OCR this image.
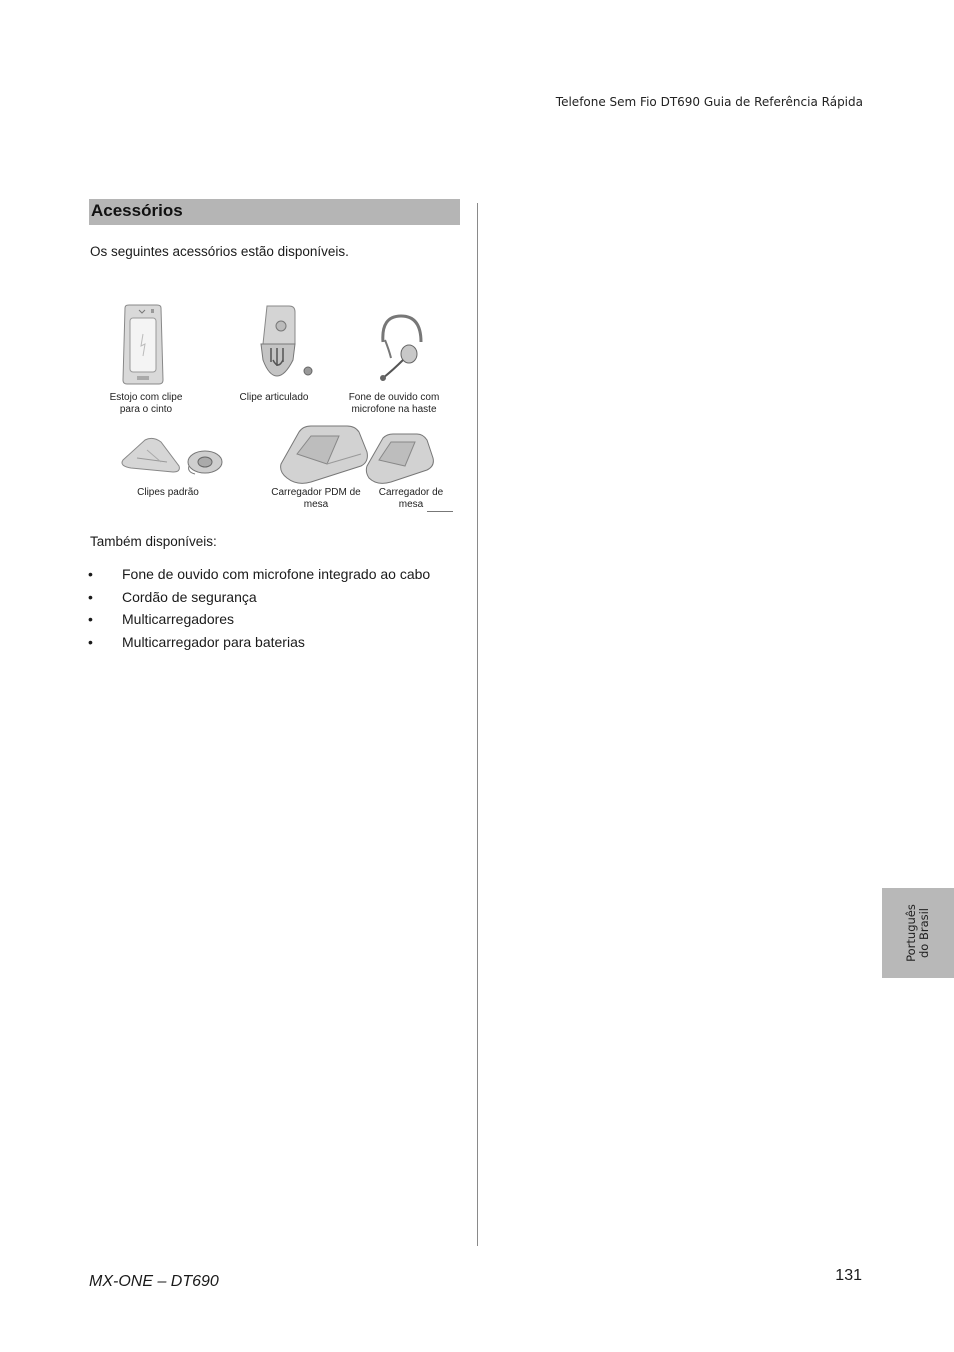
Telefone Sem Fio DT690 Guia de Referência Rápida
Acessórios

Os seguintes acessórios estão disponíveis.

Estojo com clipe para o cinto
Clipe articulado	Fone de ouvido com microfone na haste
Clipes padrão	Carregador PDM de mesa
Carregador de mesa

Também disponíveis:

• Fone de ouvido com microfone integrado ao cabo
• Cordão de segurança
• Multicarregadores
• Multicarregador para baterias
Português do Brasil
MX-ONE – DT690	131
